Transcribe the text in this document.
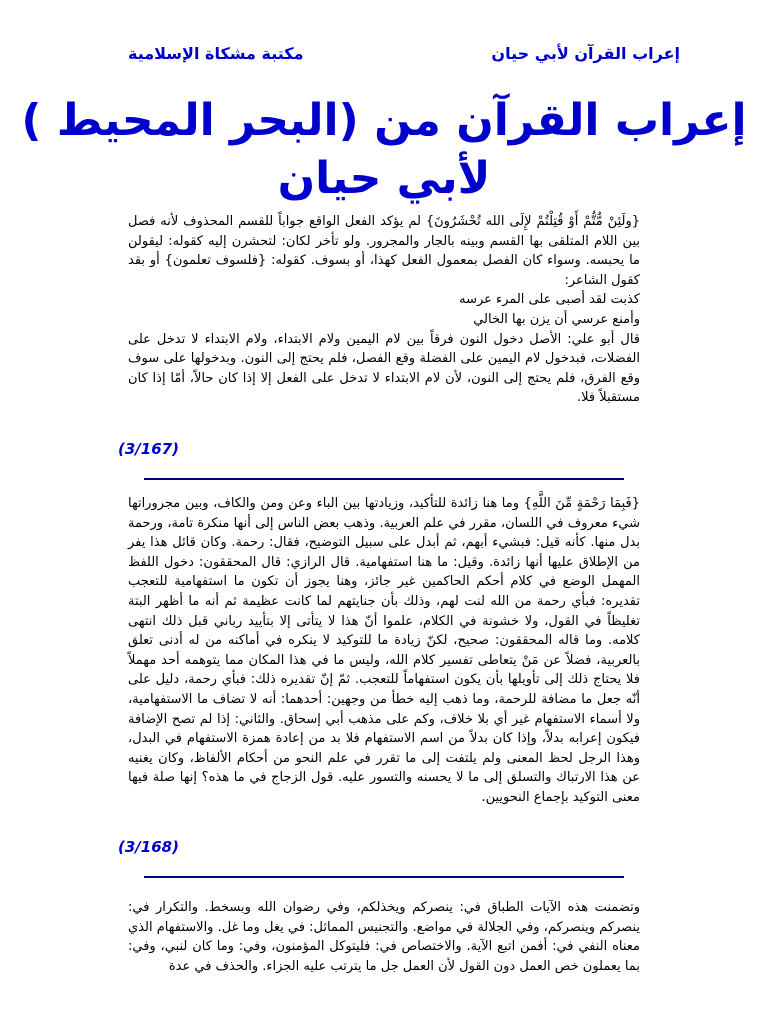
إعراب القرآن لأبي حيان
مكتبة مشكاة الإسلامية
إعراب القرآن من (البحر المحيط )
لأبي حيان

{ولَئِنْ مُّتُّمْ أَوْ قُتِلْتُمْ لإِلَى الله تُحْشَرُونَ} لم يؤكد الفعل الواقع جواباً للقسم المحذوف لأنه فصل بين اللام المتلقى بها القسم وبينه بالجار والمجرور. ولو تأخر لكان: لتحشرن إليه كقوله: ليقولن ما يحبسه. وسواء كان الفصل بمعمول الفعل كهذا، أو بسوف. كقوله: {فلسوف تعلمون} أو بقد كقول الشاعر:

كذبت لقد أصبى على المرء عرسه

وأمنع عرسي أن يزن بها الخالي

قال أبو علي: الأصل دخول النون فرقاً بين لام اليمين ولام الابتداء، ولام الابتداء لا تدخل على الفضلات، فبدخول لام اليمين على الفضلة وقع الفصل، فلم يحتج إلى النون. وبدخولها على سوف وقع الفرق، فلم يحتج إلى النون، لأن لام الابتداء لا تدخل على الفعل إلا إذا كان حالاً، أمّا إذا كان مستقبلاً فلا.

(3/167)

{فَبِمَا رَحْمَةٍ مِّنَ اللَّهِ} وما هنا زائدة للتأكيد، وزيادتها بين الباء وعن ومن والكاف، وبين مجروراتها شيء معروف في اللسان، مقرر في علم العربية. وذهب بعض الناس إلى أنها منكرة تامة، ورحمة بدل منها. كأنه قيل: فبشيء أبهم، ثم أبدل على سبيل التوضيح، فقال: رحمة. وكان قائل هذا يفر من الإطلاق عليها أنها زائدة. وقيل: ما هنا استفهامية. قال الرازي: قال المحققون: دخول اللفظ المهمل الوضع في كلام أحكم الحاكمين غير جائز، وهنا يجوز أن تكون ما استفهامية للتعجب تقديره: فبأي رحمة من الله لنت لهم، وذلك بأن جنايتهم لما كانت عظيمة ثم أنه ما أظهر البتة تغليظاً في القول، ولا خشونة في الكلام، علموا أنّ هذا لا يتأتى إلا بتأييد رباني قبل ذلك انتهى كلامه. وما قاله المحققون: صحيح، لكنّ زيادة ما للتوكيد لا ينكره في أماكنه من له أدنى تعلق بالعربية، فضلاً عن مَنْ يتعاطى تفسير كلام الله، وليس ما في هذا المكان مما يتوهمه أحد مهملاً فلا يحتاج ذلك إلى تأويلها بأن يكون استفهاماً للتعجب. ثمّ إنّ تقديره ذلك: فبأي رحمة، دليل على أنّه جعل ما مضافة للرحمة، وما ذهب إليه خطأ من وجهين: أحدهما: أنه لا تضاف ما الاستفهامية، ولا أسماء الاستفهام غير أي بلا خلاف، وكم على مذهب أبي إسحاق. والثاني: إذا لم تصح الإضافة فيكون إعرابه بدلاً، وإذا كان بدلاً من اسم الاستفهام فلا بد من إعادة همزة الاستفهام في البدل، وهذا الرجل لحظ المعنى ولم يلتفت إلى ما تقرر في علم النحو من أحكام الألفاظ، وكان يغنيه عن هذا الارتباك والتسلق إلى ما لا يحسنه والتسور عليه. قول الزجاج في ما هذه؟ إنها صلة فيها معنى التوكيد بإجماع النحويين.

(3/168)

وتضمنت هذه الآيات الطباق في: ينصركم ويخذلكم، وفي رضوان الله وبسخط. والتكرار في: ينصركم وينصركم، وفي الجلالة في مواضع. والتجنيس المماثل: في يغل وما غل. والاستفهام الذي معناه النفي في: أفمن اتبع الآية. والاختصاص في: فليتوكل المؤمنون، وفي: وما كان لنبي، وفي: بما يعملون خص العمل دون القول لأن العمل جل ما يترتب عليه الجزاء. والحذف في عدة
